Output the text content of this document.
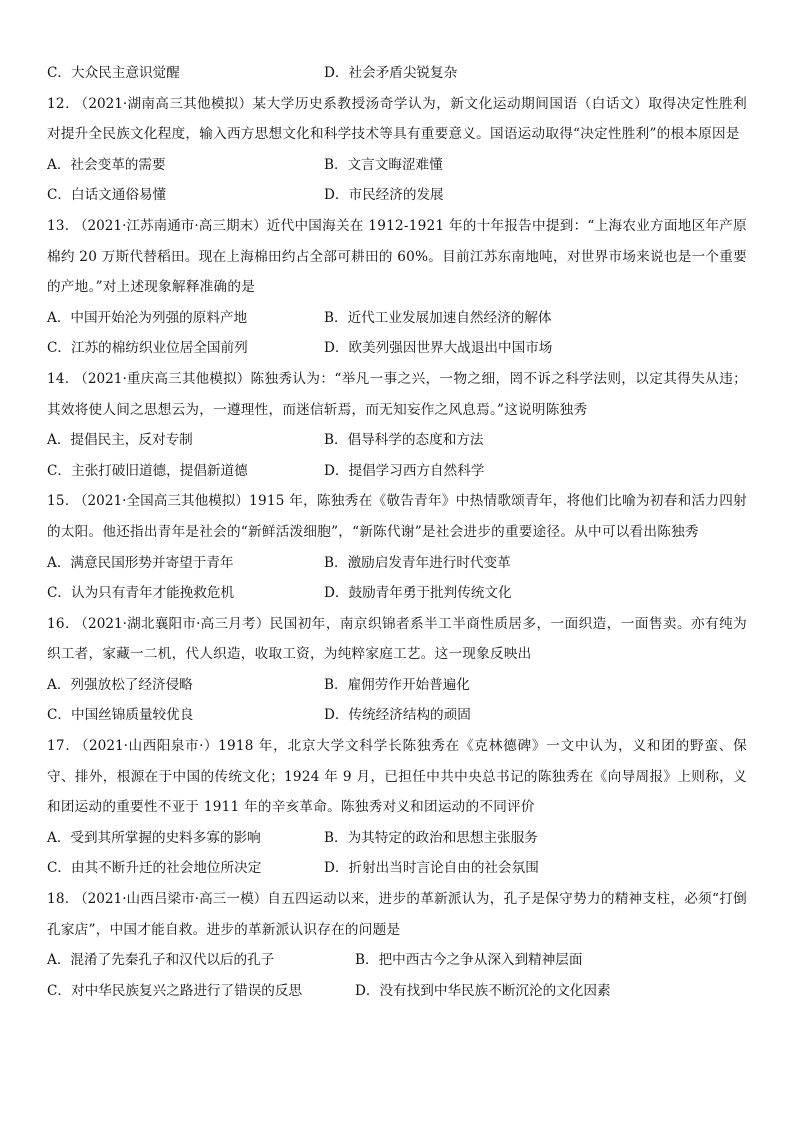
C．大众民主意识觉醒	D．社会矛盾尖锐复杂
12． （2021·湖南高三其他模拟）某大学历史系教授汤奇学认为，新文化运动期间国语（白话文）取得决定性胜利对提升全民族文化程度，输入西方思想文化和科学技术等具有重要意义。国语运动取得“决定性胜利”的根本原因是
A．社会变革的需要	B．文言文晦涩难懂
C．白话文通俗易懂	D．市民经济的发展
13． （2021·江苏南通市·高三期末）近代中国海关在 1912-1921 年的十年报告中提到：“上海农业方面地区年产原棉约 20 万斯代替稻田。现在上海棉田约占全部可耕田的 60%。目前江苏东南地吨，对世界市场来说也是一个重要的产地。”对上述现象解释准确的是
A．中国开始沦为列强的原料产地	B．近代工业发展加速自然经济的解体
C．江苏的棉纺织业位居全国前列	D．欧美列强因世界大战退出中国市场
14． （2021·重庆高三其他模拟）陈独秀认为：“举凡一事之兴，一物之细，罔不诉之科学法则，以定其得失从违；其效将使人间之思想云为，一遵理性，而迷信斩焉，而无知妄作之风息焉。”这说明陈独秀
A．提倡民主，反对专制	B．倡导科学的态度和方法
C．主张打破旧道德，提倡新道德	D．提倡学习西方自然科学
15． （2021·全国高三其他模拟）1915 年，陈独秀在《敬告青年》中热情歌颂青年，将他们比喻为初春和活力四射的太阳。他还指出青年是社会的“新鲜活泼细胞”，“新陈代谢”是社会进步的重要途径。从中可以看出陈独秀
A．满意民国形势并寄望于青年	B．激励启发青年进行时代变革
C．认为只有青年才能挽救危机	D．鼓励青年勇于批判传统文化
16． （2021·湖北襄阳市·高三月考）民国初年，南京织锦者系半工半商性质居多，一面织造，一面售卖。亦有纯为织工者，家藏一二机，代人织造，收取工资，为纯粹家庭工艺。这一现象反映出
A．列强放松了经济侵略	B．雇佣劳作开始普遍化
C．中国丝锦质量较优良	D．传统经济结构的顽固
17． （2021·山西阳泉市·）1918 年，北京大学文科学长陈独秀在《克林德碑》一文中认为，义和团的野蛮、保守、排外，根源在于中国的传统文化；1924 年 9 月，已担任中共中央总书记的陈独秀在《向导周报》上则称，义和团运动的重要性不亚于 1911 年的辛亥革命。陈独秀对义和团运动的不同评价
A．受到其所掌握的史料多寡的影响	B．为其特定的政治和思想主张服务
C．由其不断升迁的社会地位所决定	D．折射出当时言论自由的社会氛围
18． （2021·山西吕梁市·高三一模）自五四运动以来，进步的革新派认为，孔子是保守势力的精神支柱，必须“打倒孔家店”，中国才能自救。进步的革新派认识存在的问题是
A．混淆了先秦孔子和汉代以后的孔子	B．把中西古今之争从深入到精神层面
C．对中华民族复兴之路进行了错误的反思	D．没有找到中华民族不断沉沦的文化因素
